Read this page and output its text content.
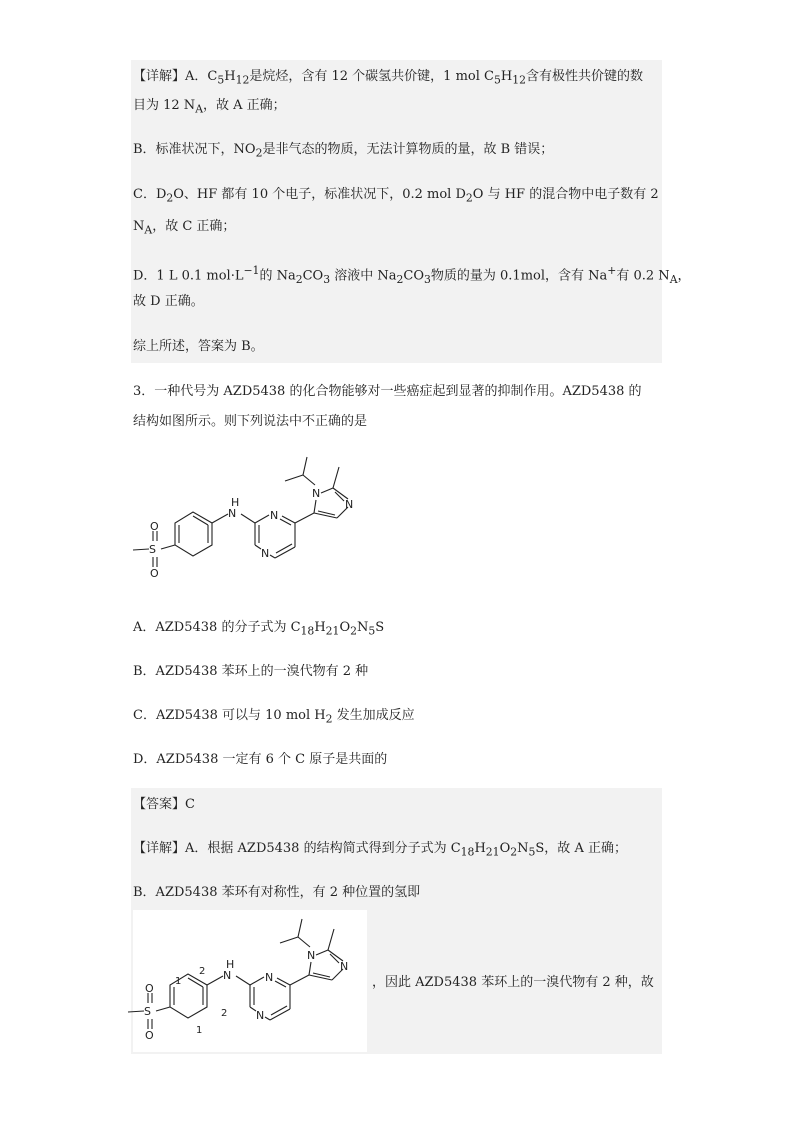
【详解】A．$C_5H_{12}$是烷烃，含有 12 个碳氢共价键，1 mol $C_5H_{12}$含有极性共价键的数
目为 12 $N_A$，故 A 正确；
B．标准状况下，$NO_2$是非气态的物质，无法计算物质的量，故 B 错误；
C．$D_2O$、HF 都有 10 个电子，标准状况下，0.2 mol $D_2O$ 与 HF 的混合物中电子数有 2
$N_A$，故 C 正确；
D．1 L 0.1 $mol\cdot L^{-1}$的 $Na_2CO_3$ 溶液中 $Na_2CO_3$物质的量为 0.1mol，含有 Na+有 0.2 $N_A$，
故 D 正确。
综上所述，答案为 B。
3．一种代号为 AZD5438 的化合物能够对一些癌症起到显著的抑制作用。AZD5438 的
结构如图所示。则下列说法中不正确的是
S
O
O
N
H
N
N
N
N
A．AZD5438 的分子式为 $C_{18}H_{21}O_2N_5S$
B．AZD5438 苯环上的一溴代物有 2 种
C．AZD5438 可以与 10 mol $H_2$ 发生加成反应
D．AZD5438 一定有 6 个 C 原子是共面的
【答案】C
【详解】A．根据 AZD5438 的结构简式得到分子式为 $C_{18}H_{21}O_2N_5S$，故 A 正确；
B．AZD5438 苯环有对称性，有 2 种位置的氢即
S
O
O
N
H
N
N
N
N
1
2
2
1
，因此 AZD5438 苯环上的一溴代物有 2 种，故
